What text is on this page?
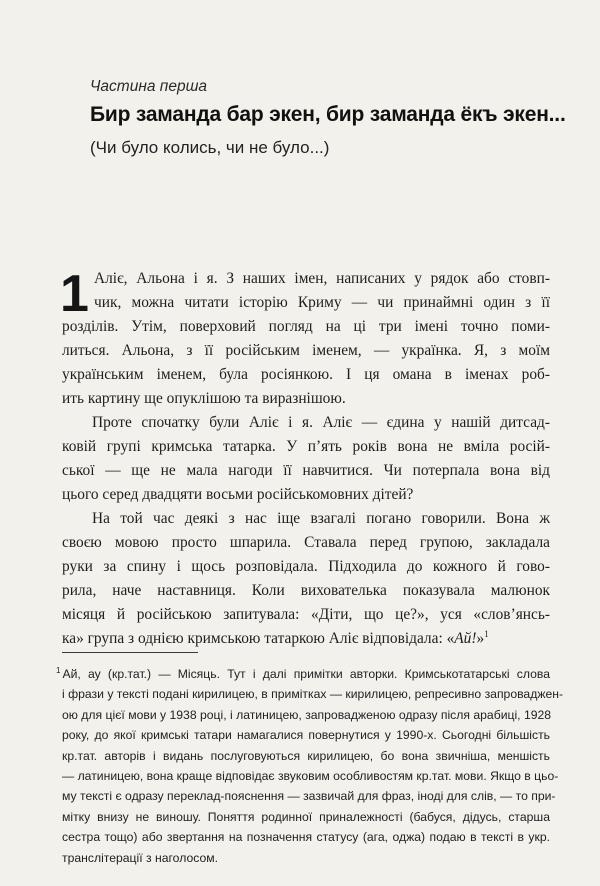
Частина перша
Бир заманда бар экен, бир заманда ёкъ экен...
(Чи було колись, чи не було...)
1 Аліє, Альона і я. З наших імен, написаних у рядок або стовп-
чик, можна читати історію Криму — чи принаймні один з її
розділів. Утім, поверховий погляд на ці три імені точно поми-
литься. Альона, з її російським іменем, — українка. Я, з моїм
українським іменем, була росіянкою. І ця омана в іменах роб-
ить картину ще опуклішою та виразнішою.
Проте спочатку були Аліє і я. Аліє — єдина у нашій дитсад-
ковій групі кримська татарка. У п’ять років вона не вміла росій-
ської — ще не мала нагоди її навчитися. Чи потерпала вона від
цього серед двадцяти восьми російськомовних дітей?
На той час деякі з нас іще взагалі погано говорили. Вона ж
своєю мовою просто шпарила. Ставала перед групою, закладала
руки за спину і щось розповідала. Підходила до кожного й гово-
рила, наче наставниця. Коли вихователька показувала малюнок
місяця й російською запитувала: «Діти, що це?», уся «слов’янсь-
ка» група з однією кримською татаркою Аліє відповідала: «Ай!»$^1$
$^1$ Ай, ау (кр.тат.) — Місяць. Тут і далі примітки авторки. Кримськотатарські слова
і фрази у тексті подані кирилицею, в примітках — кирилицею, репресивно запроваджен-
ою для цієї мови у 1938 році, і латиницею, запровадженою одразу після арабиці, 1928
року, до якої кримські татари намагалися повернутися у 1990-х. Сьогодні більшість
кр.тат. авторів і видань послуговуються кирилицею, бо вона звичніша, меншість
— латиницею, вона краще відповідає звуковим особливостям кр.тат. мови. Якщо в цьо-
му тексті є одразу переклад-пояснення — зазвичай для фраз, іноді для слів, — то при-
мітку внизу не виношу. Поняття родинної приналежності (бабуся, дідусь, старша
сестра тощо) або звертання на позначення статусу (ага, оджа) подаю в тексті в укр.
транслітерації з наголосом.
